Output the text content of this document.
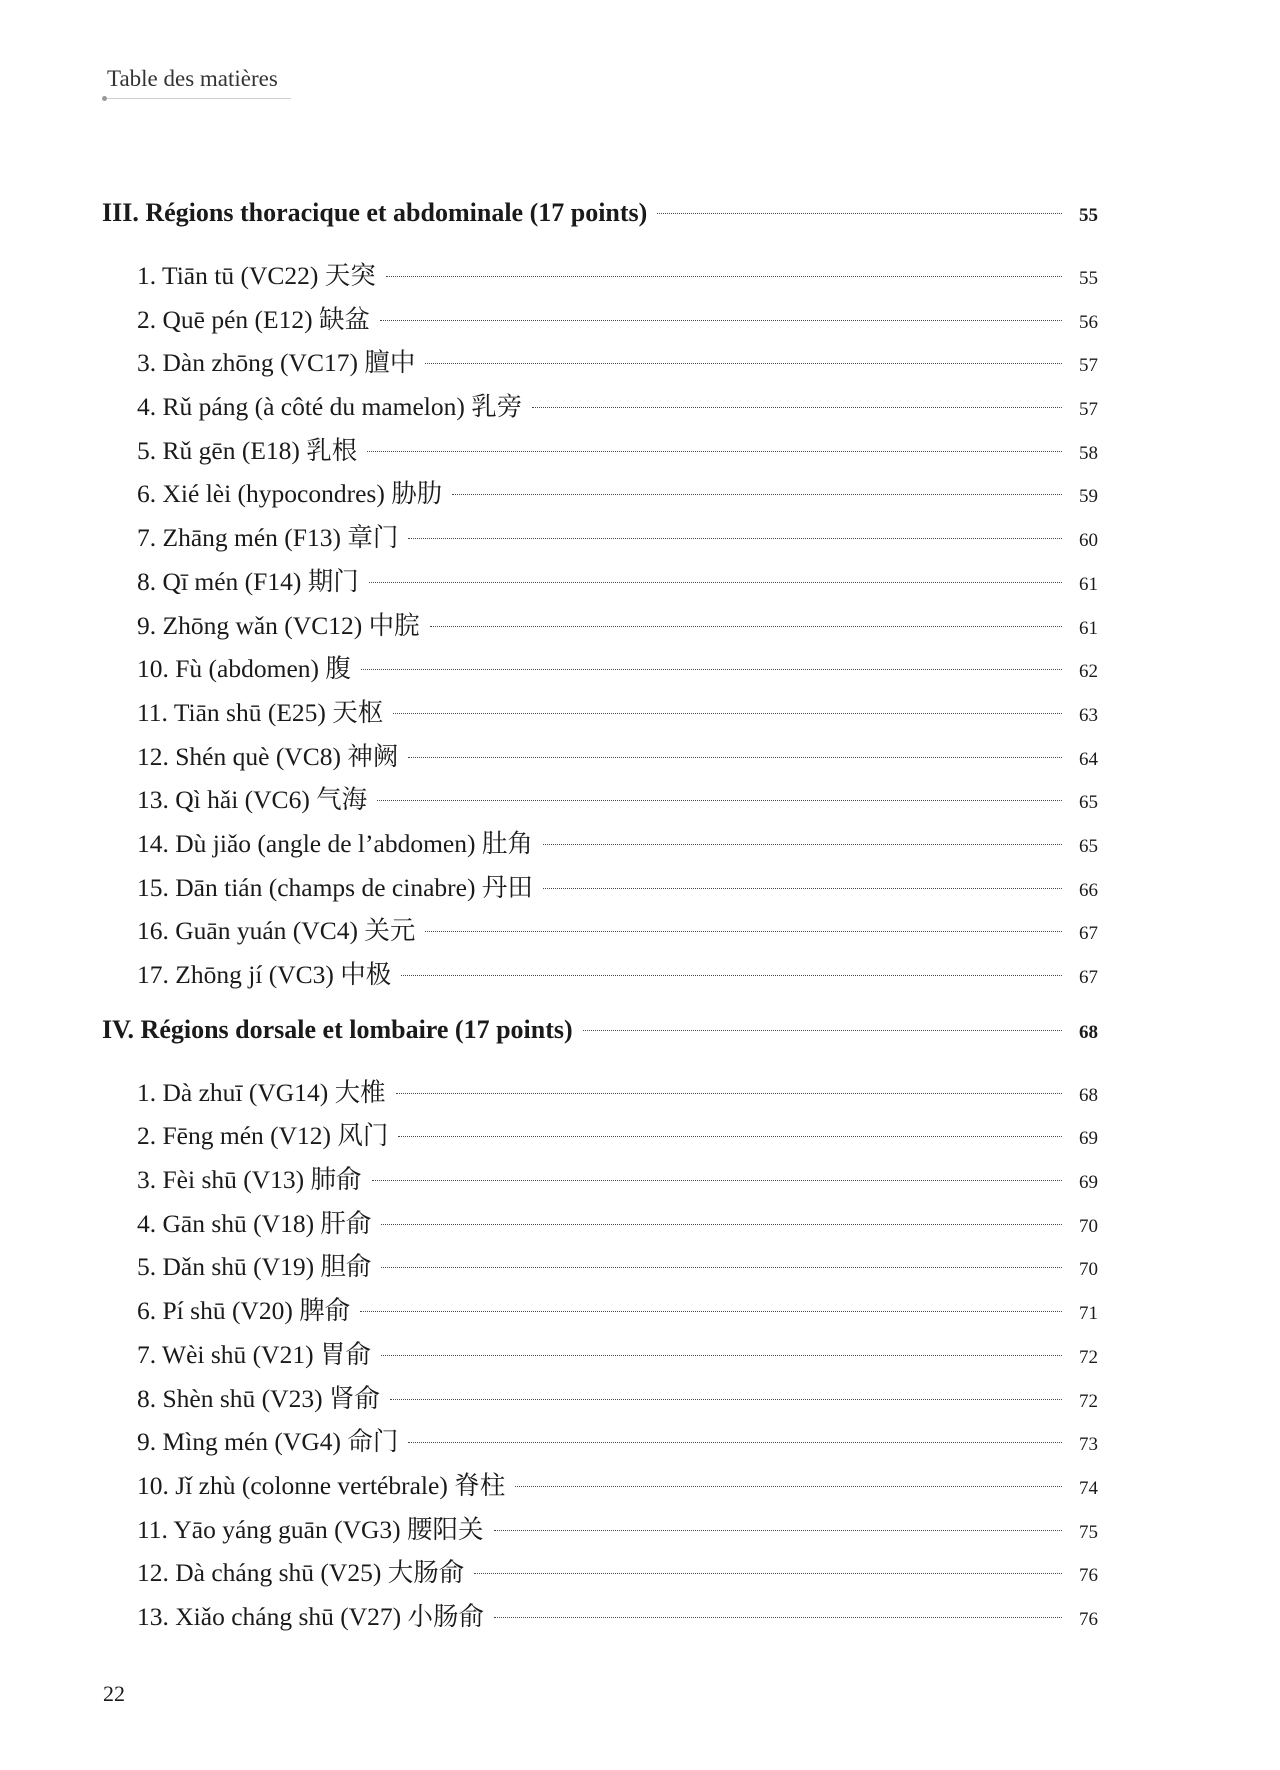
Table des matières
III. Régions thoracique et abdominale (17 points)	55
1. Tiān tū (VC22) 天突	55
2. Quē pén (E12) 缺盆	56
3. Dàn zhōng (VC17) 膻中	57
4. Rǔ páng (à côté du mamelon) 乳旁	57
5. Rǔ gēn (E18) 乳根	58
6. Xié lèi (hypocondres) 胁肋	59
7. Zhāng mén (F13) 章门	60
8. Qī mén (F14) 期门	61
9. Zhōng wǎn (VC12) 中脘	61
10. Fù (abdomen) 腹	62
11. Tiān shū (E25) 天枢	63
12. Shén què (VC8) 神阙	64
13. Qì hǎi (VC6) 气海	65
14. Dù jiǎo (angle de l’abdomen) 肚角	65
15. Dān tián (champs de cinabre) 丹田	66
16. Guān yuán (VC4) 关元	67
17. Zhōng jí (VC3) 中极	67
IV. Régions dorsale et lombaire (17 points)	68
1. Dà zhuī (VG14) 大椎	68
2. Fēng mén (V12) 风门	69
3. Fèi shū (V13) 肺俞	69
4. Gān shū (V18) 肝俞	70
5. Dǎn shū (V19) 胆俞	70
6. Pí shū (V20) 脾俞	71
7. Wèi shū (V21) 胃俞	72
8. Shèn shū (V23) 肾俞	72
9. Mìng mén (VG4) 命门	73
10. Jǐ zhù (colonne vertébrale) 脊柱	74
11. Yāo yáng guān (VG3) 腰阳关	75
12. Dà cháng shū (V25) 大肠俞	76
13. Xiǎo cháng shū (V27) 小肠俞	76
22
